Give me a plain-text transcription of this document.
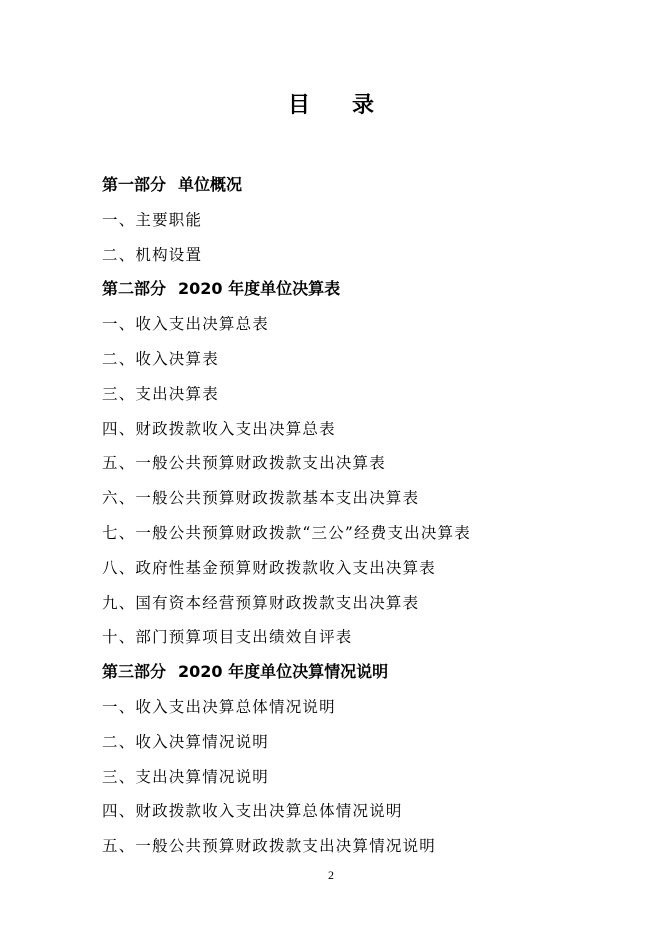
目录
第一部分 单位概况
一、主要职能
二、机构设置
第二部分 2020 年度单位决算表
一、收入支出决算总表
二、收入决算表
三、支出决算表
四、财政拨款收入支出决算总表
五、一般公共预算财政拨款支出决算表
六、一般公共预算财政拨款基本支出决算表
七、一般公共预算财政拨款“三公”经费支出决算表
八、政府性基金预算财政拨款收入支出决算表
九、国有资本经营预算财政拨款支出决算表
十、部门预算项目支出绩效自评表
第三部分 2020 年度单位决算情况说明
一、收入支出决算总体情况说明
二、收入决算情况说明
三、支出决算情况说明
四、财政拨款收入支出决算总体情况说明
五、一般公共预算财政拨款支出决算情况说明
2
